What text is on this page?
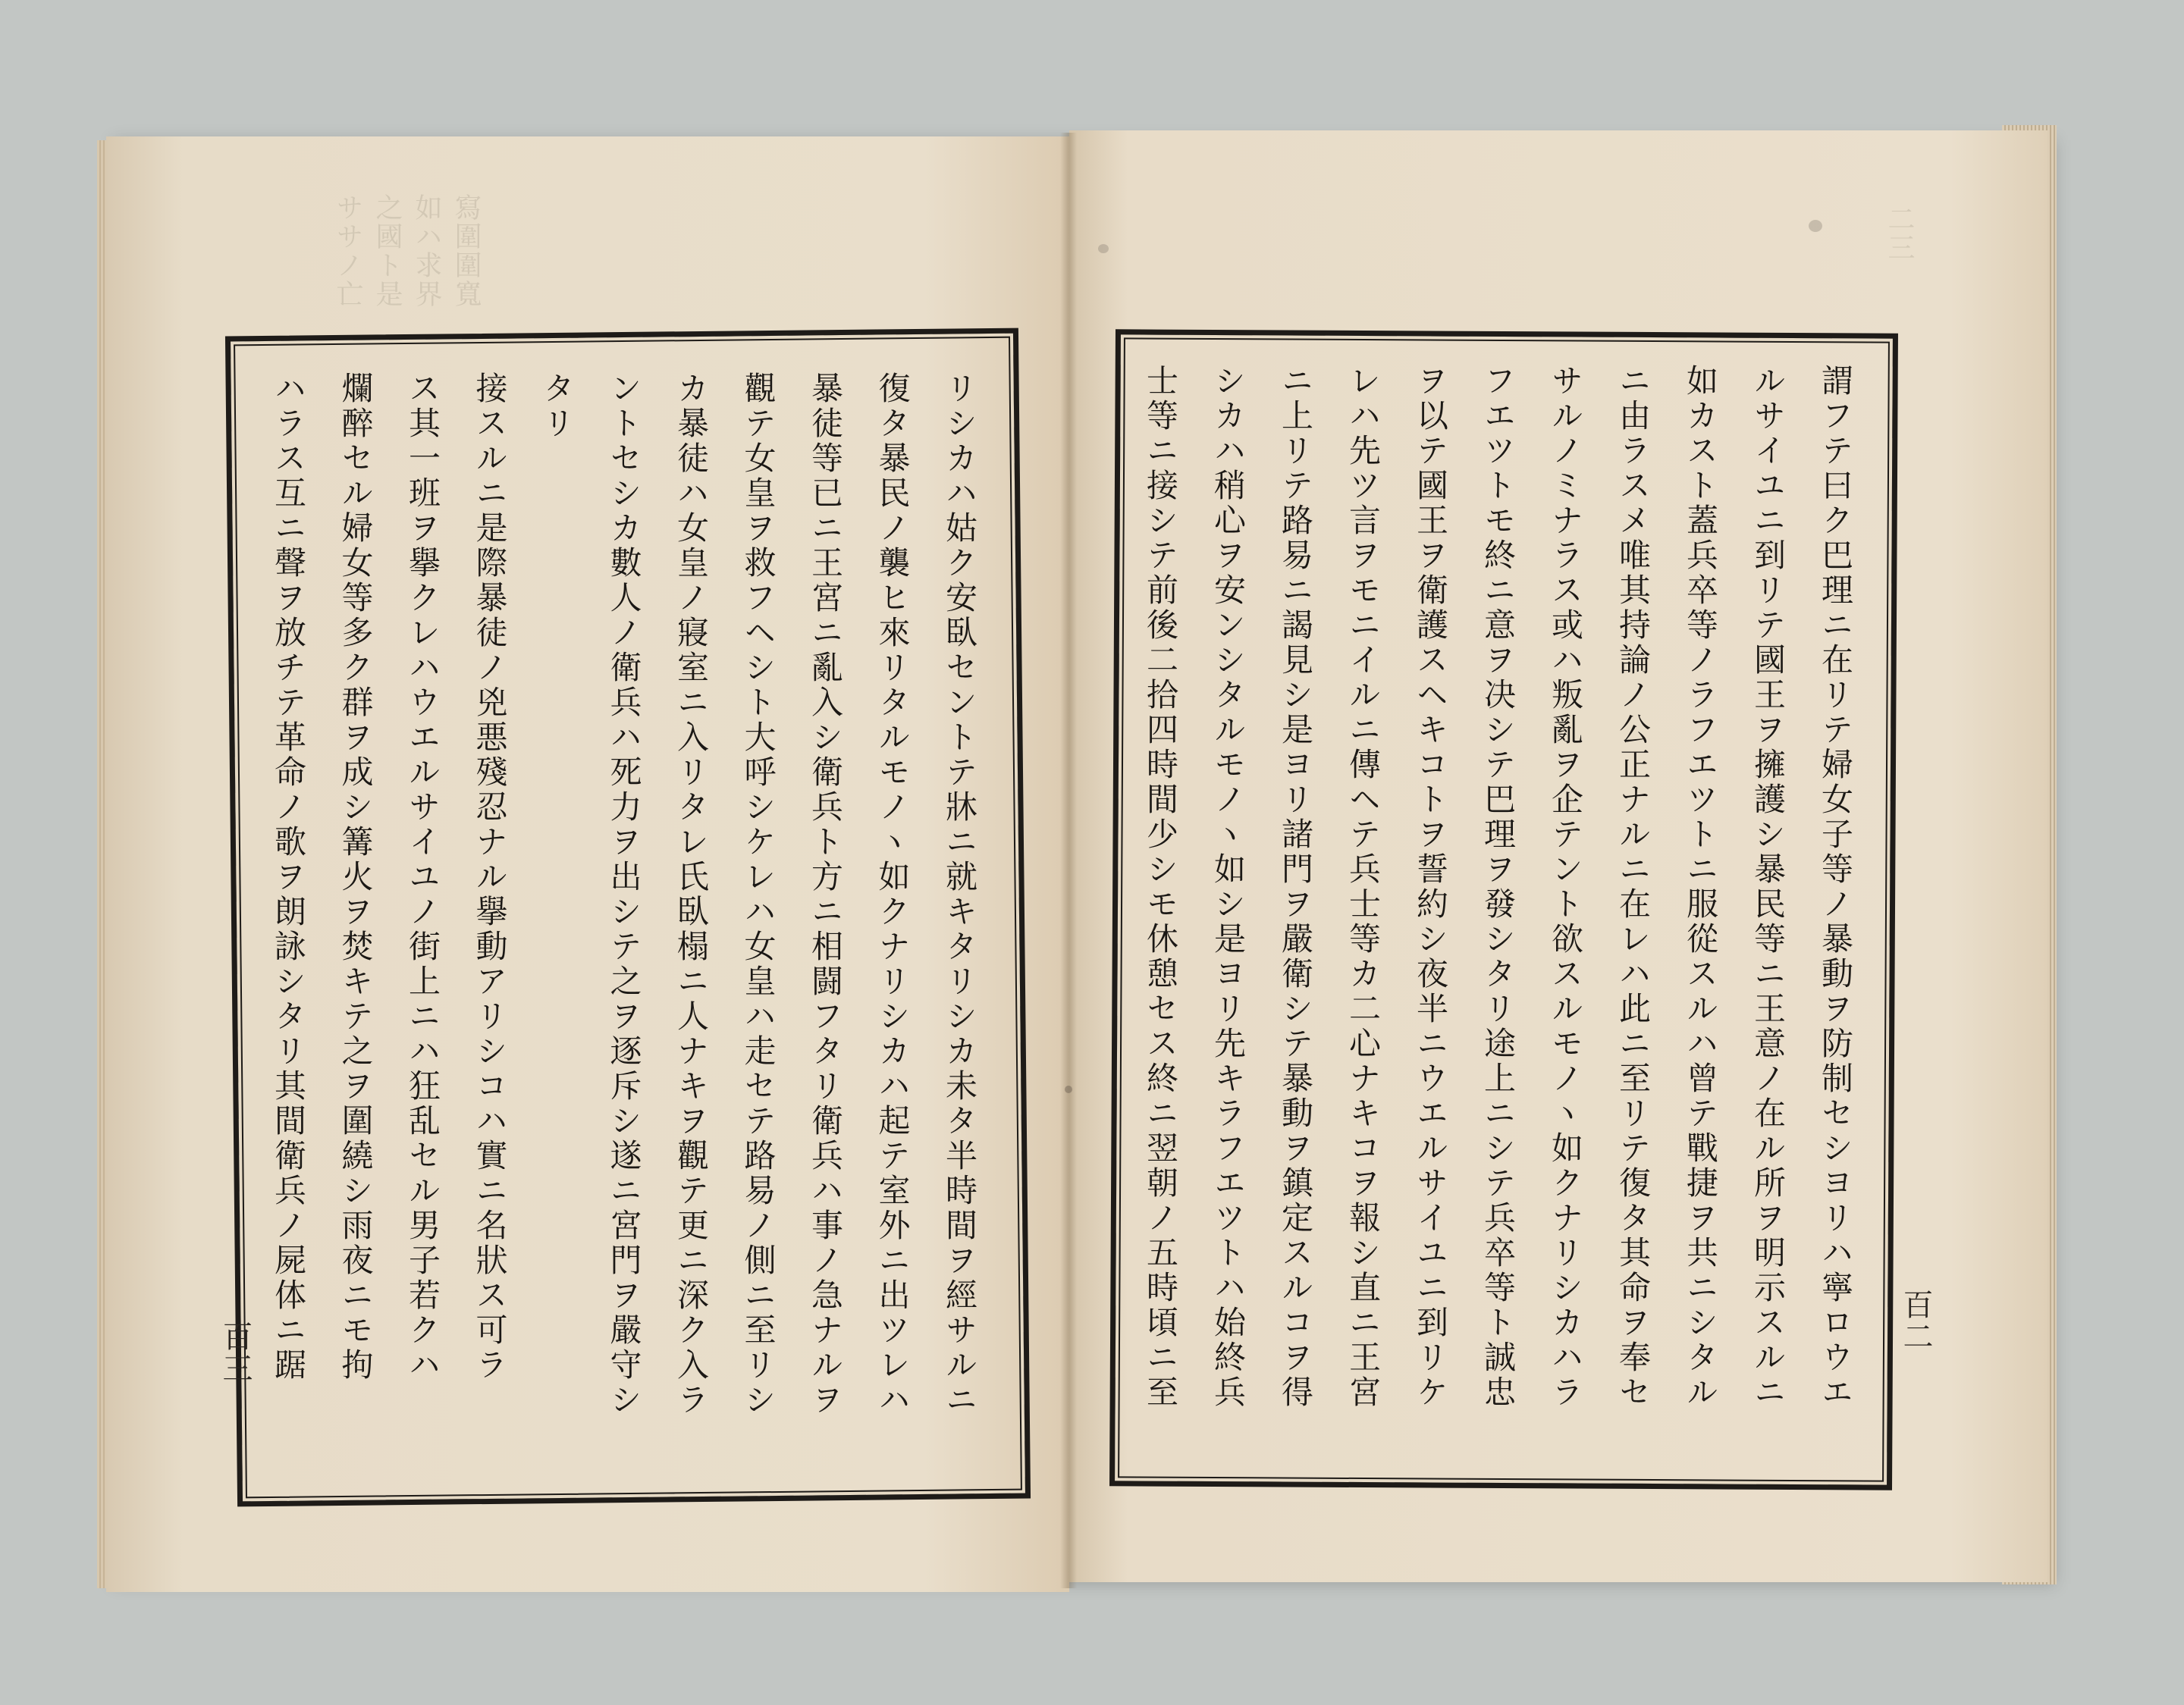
寫圍圍寬
如ハ求界
之國ト是
ササノ亡	二三
リシカハ姑ク安臥セントテ牀ニ就キタリシカ未タ半時間ヲ經サルニ
復タ暴民ノ襲ヒ來リタルモノヽ如クナリシカハ起テ室外ニ出ツレハ
暴徒等已ニ王宮ニ亂入シ衛兵ト方ニ相闘フタリ衛兵ハ事ノ急ナルヲ
觀テ女皇ヲ救フヘシト大呼シケレハ女皇ハ走セテ路易ノ側ニ至リシ
カ暴徒ハ女皇ノ寢室ニ入リタレ氏臥榻ニ人ナキヲ觀テ更ニ深ク入ラ
ントセシカ數人ノ衛兵ハ死力ヲ出シテ之ヲ逐斥シ遂ニ宮門ヲ嚴守シ
タリ
接スルニ是際暴徒ノ兇悪殘忍ナル擧動アリシコハ實ニ名狀ス可ラ
ス其一班ヲ擧クレハウエルサイユノ街上ニハ狂乱セル男子若クハ
爛醉セル婦女等多ク群ヲ成シ篝火ヲ焚キテ之ヲ圍繞シ雨夜ニモ拘
ハラス互ニ聲ヲ放チテ革命ノ歌ヲ朗詠シタリ其間衛兵ノ屍体ニ踞
百三	謂フテ曰ク巴理ニ在リテ婦女子等ノ暴動ヲ防制セシヨリハ寧ロウエ
ルサイユニ到リテ國王ヲ擁護シ暴民等ニ王意ノ在ル所ヲ明示スルニ
如カスト蓋兵卒等ノラフエツトニ服從スルハ曾テ戰捷ヲ共ニシタル
ニ由ラスメ唯其持論ノ公正ナルニ在レハ此ニ至リテ復タ其命ヲ奉セ
サルノミナラス或ハ叛亂ヲ企テント欲スルモノヽ如クナリシカハラ
フエツトモ終ニ意ヲ决シテ巴理ヲ發シタリ途上ニシテ兵卒等ト誠忠
ヲ以テ國王ヲ衛護スヘキコトヲ誓約シ夜半ニウエルサイユニ到リケ
レハ先ツ言ヲモニイルニ傳ヘテ兵士等カ二心ナキコヲ報シ直ニ王宮
ニ上リテ路易ニ謁見シ是ヨリ諸門ヲ嚴衛シテ暴動ヲ鎮定スルコヲ得
シカハ稍心ヲ安ンシタルモノヽ如シ是ヨリ先キラフエツトハ始終兵
士等ニ接シテ前後二拾四時間少シモ休憩セス終ニ翌朝ノ五時頃ニ至	百二
